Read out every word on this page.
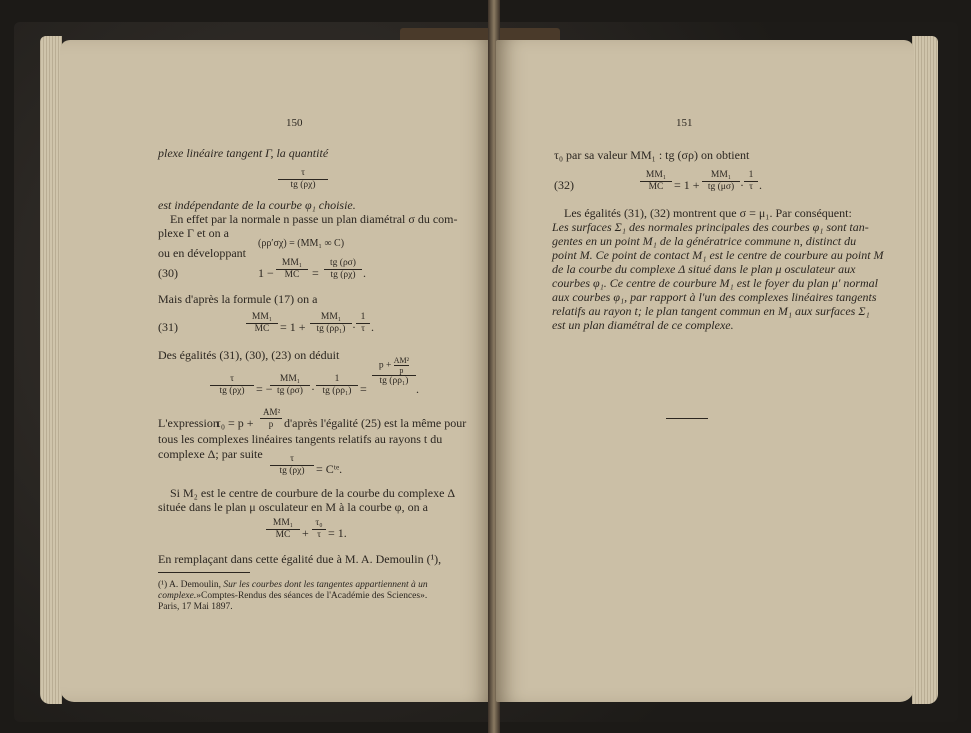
150
plexe linéaire tangent Γ, la quantité
$\frac{\tau}{tg (\rho\chi)}$
est indépendante de la courbe φ₁ choisie.
En effet par la normale n passe un plan diamétral σ du com-
plexe Γ et on a
(ρρ′σχ) = (MM₁ ∞ C)
ou en développant
(30)	$1 - \frac{\text{MM₁}}{MC} = \frac{tg (\rho\sigma)}{tg (\rho\chi)}$ .
Mais d'après la formule (17) on a
(31)	$\frac{\text{MM₁}}{MC} = 1 + \frac{\text{MM₁}}{\text{tg (ρρ₁)}} \cdot \frac{1}{\tau}$ .
Des égalités (31), (30), (23) on déduit
$\frac{\tau}{tg (\rho\chi)}$ = −
$\frac{\text{MM₁}}{tg (\rho\sigma)} \cdot \frac{1}{\text{tg (ρρ₁)}}$ =
$\frac{p + \frac{\text{AM²}}{p}}{\text{tg (ρρ₁)}}$
.
L'expression
$\tau_0 = p + \frac{\text{AM²}}{p}$ d'après l'égalité (25) est la même pour
tous les complexes linéaires tangents relatifs au rayons t du
complexe Δ; par suite $\frac{\tau}{tg (\rho\chi)}$ = Cᵗᵉ.
Si M₂ est le centre de courbure de la courbe du complexe Δ
située dans le plan μ osculateur en M à la courbe φ, on a
$\frac{\text{MM₁}}{MC} + \frac{\text{τ₀}}{\tau} = 1$.
En remplaçant dans cette égalité due à M. A. Demoulin (¹),
(¹) A. Demoulin, Sur les courbes dont les tangentes appartiennent à un
complexe.»Comptes-Rendus des séances de l'Académie des Sciences».
Paris, 17 Mai 1897.
151
τ₀ par sa valeur MM₁ : tg (σρ) on obtient
(32)	$\frac{\text{MM₁}}{MC} = 1 + \frac{\text{MM₁}}{tg (\mu\sigma)} \cdot \frac{1}{\tau}$ .
Les égalités (31), (32) montrent que σ = μ₁. Par conséquent:
Les surfaces Σ₁ des normales principales des courbes φ₁ sont tan-
gentes en un point M₁ de la génératrice commune n, distinct du
point M. Ce point de contact M₁ est le centre de courbure au point M
de la courbe du complexe Δ situé dans le plan μ osculateur aux
courbes φ₁. Ce centre de courbure M₁ est le foyer du plan μ′ normal
aux courbes φ₁, par rapport à l'un des complexes linéaires tangents
relatifs au rayon t; le plan tangent commun en M₁ aux surfaces Σ₁
est un plan diamétral de ce complexe.
